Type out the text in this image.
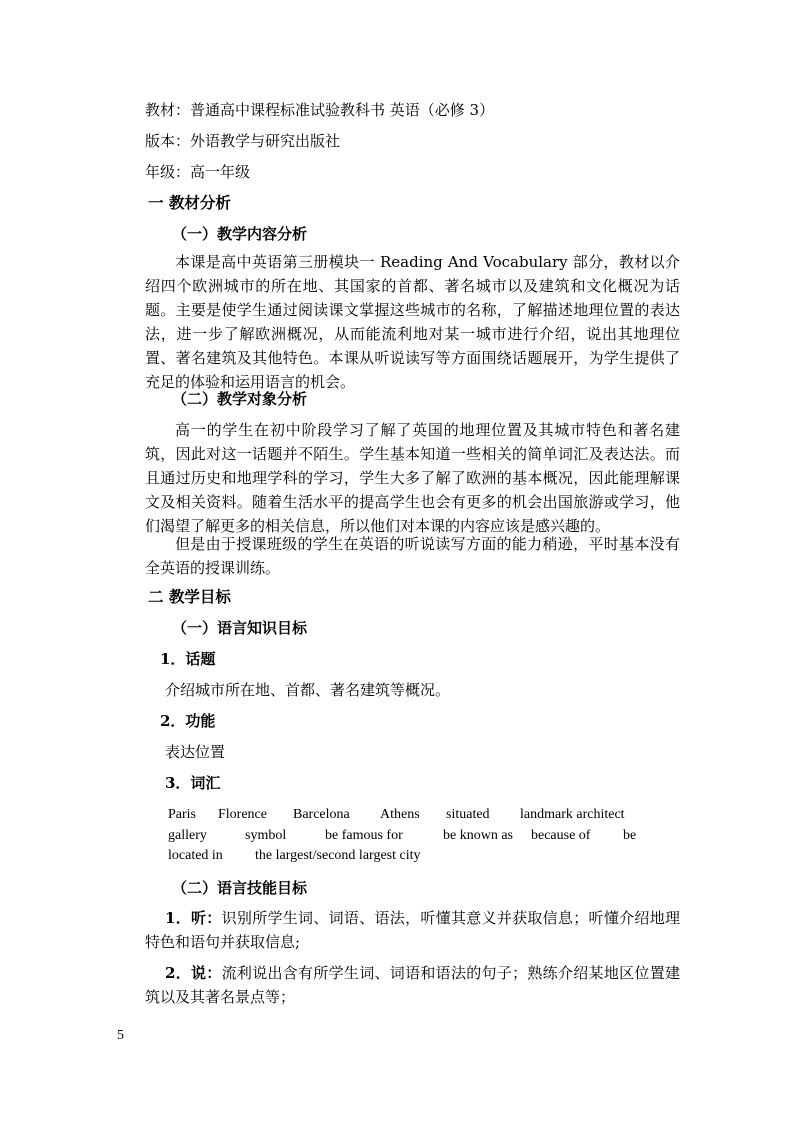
教材：普通高中课程标准试验教科书 英语（必修 3）
版本：外语教学与研究出版社
年级：高一年级
一 教材分析
（一）教学内容分析
本课是高中英语第三册模块一 Reading And Vocabulary 部分，教材以介绍四个欧洲城市的所在地、其国家的首都、著名城市以及建筑和文化概况为话题。主要是使学生通过阅读课文掌握这些城市的名称，了解描述地理位置的表达法，进一步了解欧洲概况，从而能流利地对某一城市进行介绍，说出其地理位置、著名建筑及其他特色。本课从听说读写等方面围绕话题展开，为学生提供了充足的体验和运用语言的机会。
（二）教学对象分析
高一的学生在初中阶段学习了解了英国的地理位置及其城市特色和著名建筑，因此对这一话题并不陌生。学生基本知道一些相关的简单词汇及表达法。而且通过历史和地理学科的学习，学生大多了解了欧洲的基本概况，因此能理解课文及相关资料。随着生活水平的提高学生也会有更多的机会出国旅游或学习，他们渴望了解更多的相关信息，所以他们对本课的内容应该是感兴趣的。
但是由于授课班级的学生在英语的听说读写方面的能力稍逊，平时基本没有全英语的授课训练。
二 教学目标
（一）语言知识目标
1．话题
介绍城市所在地、首都、著名建筑等概况。
2．功能
表达位置
3．词汇
Paris Florence Barcelona Athens situated landmark architect
gallery	symbol	be famous for	be known as because of be
located in the largest/second largest city
（二）语言技能目标
1．听：识别所学生词、词语、语法，听懂其意义并获取信息；听懂介绍地理特色和语句并获取信息;
2．说：流利说出含有所学生词、词语和语法的句子；熟练介绍某地区位置建筑以及其著名景点等；
5
